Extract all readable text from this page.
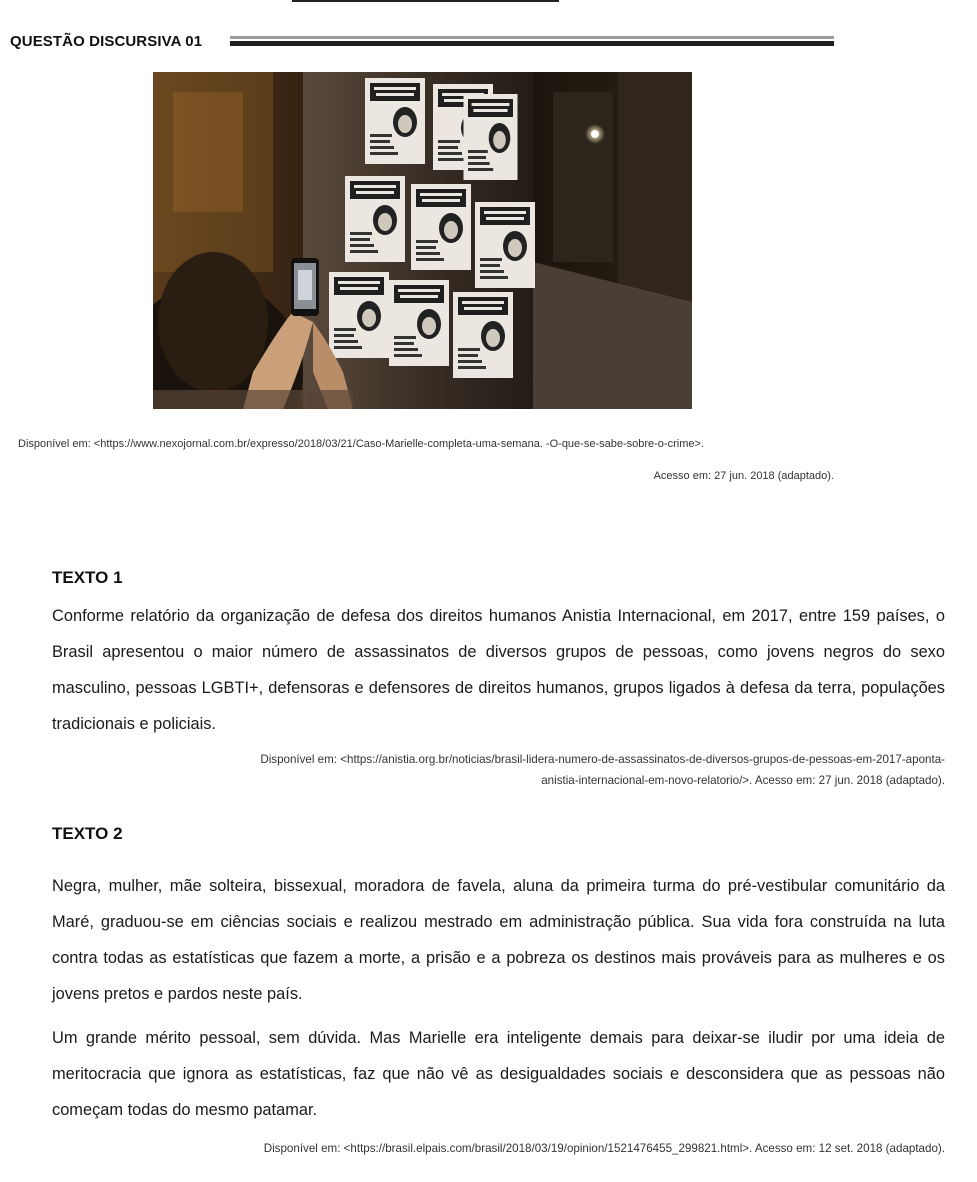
QUESTÃO DISCURSIVA 01
Disponível em: <https://www.nexojornal.com.br/expresso/2018/03/21/Caso-Marielle-completa-uma-semana. -O-que-se-sabe-sobre-o-crime>.
Acesso em: 27 jun. 2018 (adaptado).
TEXTO 1

Conforme relatório da organização de defesa dos direitos humanos Anistia Internacional, em 2017, entre 159 países, o Brasil apresentou o maior número de assassinatos de diversos grupos de pessoas, como jovens negros do sexo masculino, pessoas LGBTI+, defensoras e defensores de direitos humanos, grupos ligados à defesa da terra, populações tradicionais e policiais.

Disponível em: <https://anistia.org.br/noticias/brasil-lidera-numero-de-assassinatos-de-diversos-grupos-de-pessoas-em-2017-aponta-

anistia-internacional-em-novo-relatorio/>. Acesso em: 27 jun. 2018 (adaptado).

TEXTO 2

Negra, mulher, mãe solteira, bissexual, moradora de favela, aluna da primeira turma do pré-vestibular comunitário da Maré, graduou-se em ciências sociais e realizou mestrado em administração pública. Sua vida fora construída na luta contra todas as estatísticas que fazem a morte, a prisão e a pobreza os destinos mais prováveis para as mulheres e os jovens pretos e pardos neste país.

Um grande mérito pessoal, sem dúvida. Mas Marielle era inteligente demais para deixar-se iludir por uma ideia de meritocracia que ignora as estatísticas, faz que não vê as desigualdades sociais e desconsidera que as pessoas não começam todas do mesmo patamar.

Disponível em: <https://brasil.elpais.com/brasil/2018/03/19/opinion/1521476455_299821.html>. Acesso em: 12 set. 2018 (adaptado).
